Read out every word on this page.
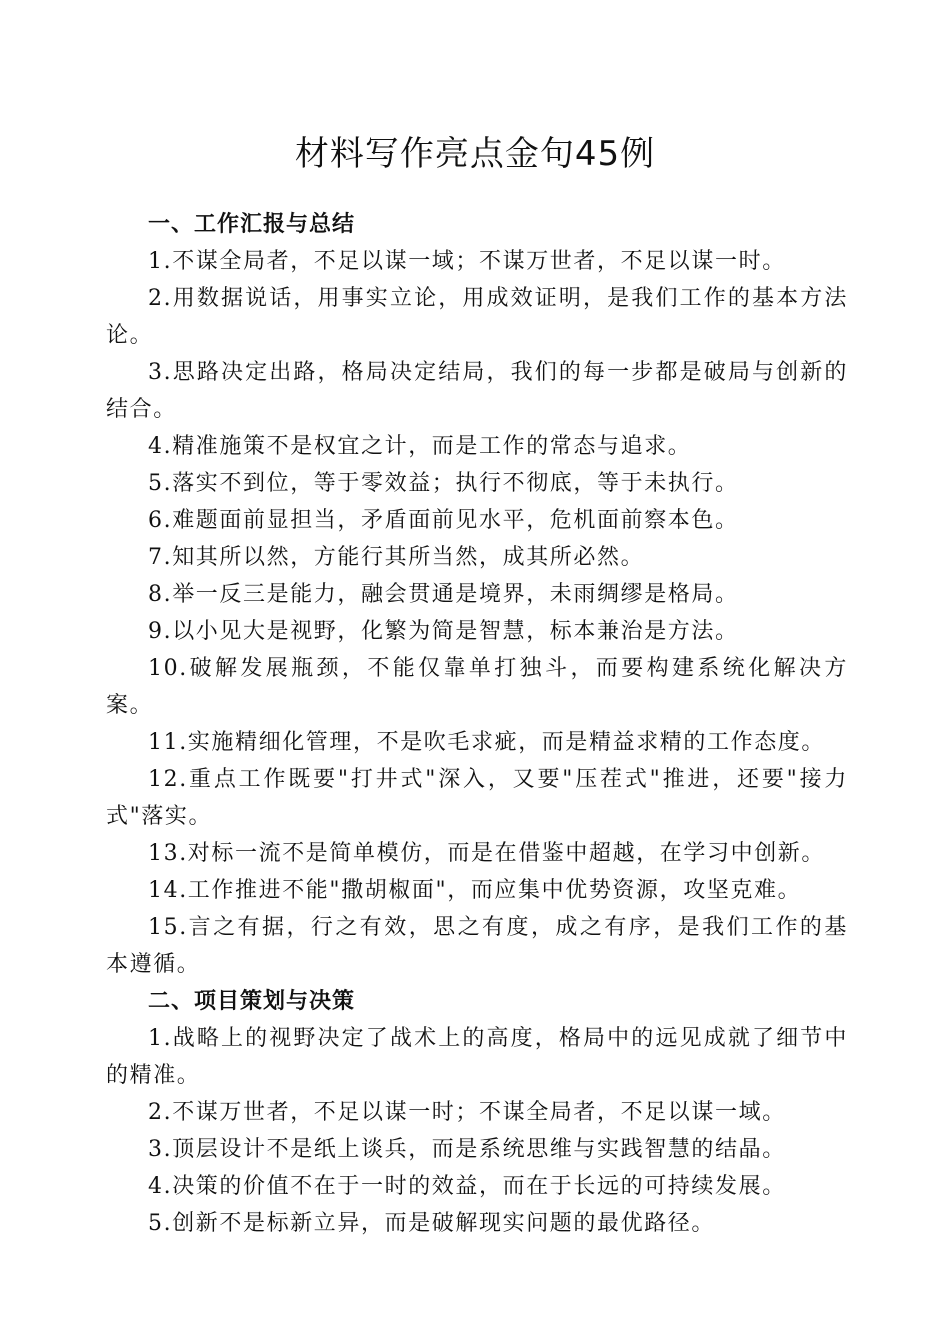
材料写作亮点金句45例

一、工作汇报与总结

1.不谋全局者，不足以谋一域；不谋万世者，不足以谋一时。

2.用数据说话，用事实立论，用成效证明，是我们工作的基本方法论。

3.思路决定出路，格局决定结局，我们的每一步都是破局与创新的结合。

4.精准施策不是权宜之计，而是工作的常态与追求。

5.落实不到位，等于零效益；执行不彻底，等于未执行。

6.难题面前显担当，矛盾面前见水平，危机面前察本色。

7.知其所以然，方能行其所当然，成其所必然。

8.举一反三是能力，融会贯通是境界，未雨绸缪是格局。

9.以小见大是视野，化繁为简是智慧，标本兼治是方法。

10.破解发展瓶颈，不能仅靠单打独斗，而要构建系统化解决方案。

11.实施精细化管理，不是吹毛求疵，而是精益求精的工作态度。

12.重点工作既要"打井式"深入，又要"压茬式"推进，还要"接力式"落实。

13.对标一流不是简单模仿，而是在借鉴中超越，在学习中创新。

14.工作推进不能"撒胡椒面"，而应集中优势资源，攻坚克难。

15.言之有据，行之有效，思之有度，成之有序，是我们工作的基本遵循。

二、项目策划与决策

1.战略上的视野决定了战术上的高度，格局中的远见成就了细节中的精准。

2.不谋万世者，不足以谋一时；不谋全局者，不足以谋一域。

3.顶层设计不是纸上谈兵，而是系统思维与实践智慧的结晶。

4.决策的价值不在于一时的效益，而在于长远的可持续发展。

5.创新不是标新立异，而是破解现实问题的最优路径。
